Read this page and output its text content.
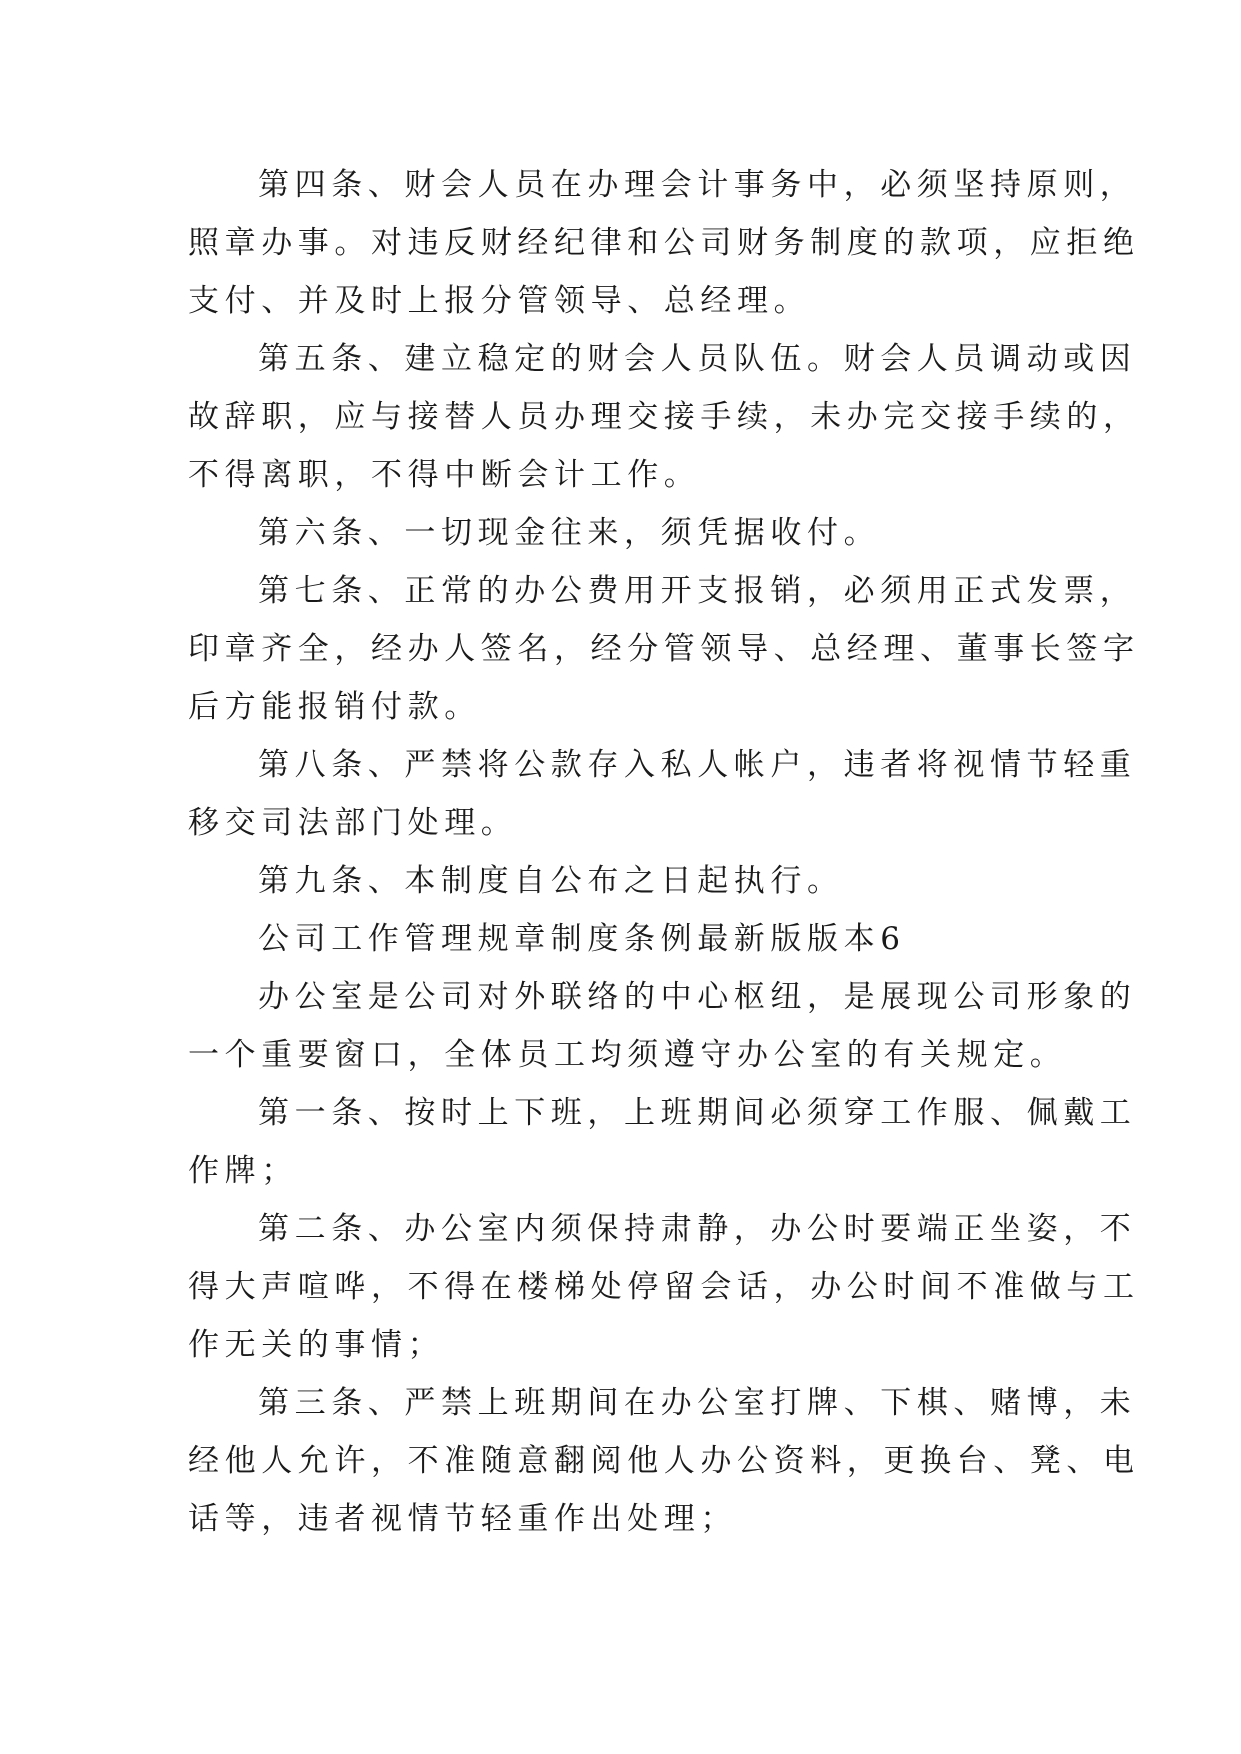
第四条、财会人员在办理会计事务中，必须坚持原则，
照章办事。对违反财经纪律和公司财务制度的款项，应拒绝
支付、并及时上报分管领导、总经理。
第五条、建立稳定的财会人员队伍。财会人员调动或因
故辞职，应与接替人员办理交接手续，未办完交接手续的，
不得离职，不得中断会计工作。
第六条、一切现金往来，须凭据收付。
第七条、正常的办公费用开支报销，必须用正式发票，
印章齐全，经办人签名，经分管领导、总经理、董事长签字
后方能报销付款。
第八条、严禁将公款存入私人帐户，违者将视情节轻重
移交司法部门处理。
第九条、本制度自公布之日起执行。
公司工作管理规章制度条例最新版版本6
办公室是公司对外联络的中心枢纽，是展现公司形象的
一个重要窗口，全体员工均须遵守办公室的有关规定。
第一条、按时上下班，上班期间必须穿工作服、佩戴工
作牌；
第二条、办公室内须保持肃静，办公时要端正坐姿，不
得大声喧哗，不得在楼梯处停留会话，办公时间不准做与工
作无关的事情；
第三条、严禁上班期间在办公室打牌、下棋、赌博，未
经他人允许，不准随意翻阅他人办公资料，更换台、凳、电
话等，违者视情节轻重作出处理；
